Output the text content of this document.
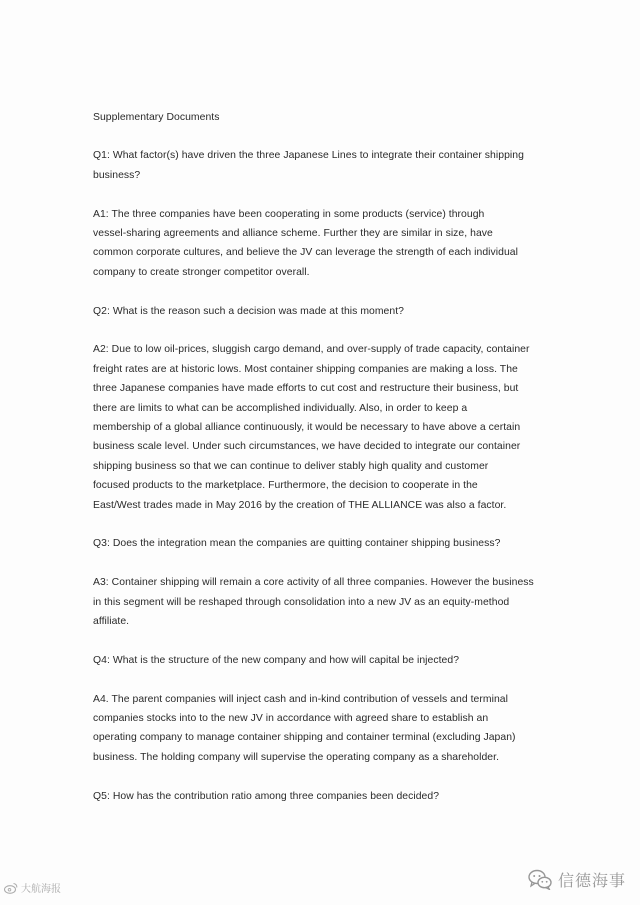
Supplementary Documents
Q1: What factor(s) have driven the three Japanese Lines to integrate their container shipping
business?
A1: The three companies have been cooperating in some products (service) through
vessel-sharing agreements and alliance scheme. Further they are similar in size, have
common corporate cultures, and believe the JV can leverage the strength of each individual
company to create stronger competitor overall.
Q2: What is the reason such a decision was made at this moment?
A2: Due to low oil-prices, sluggish cargo demand, and over-supply of trade capacity, container
freight rates are at historic lows. Most container shipping companies are making a loss. The
three Japanese companies have made efforts to cut cost and restructure their business, but
there are limits to what can be accomplished individually. Also, in order to keep a
membership of a global alliance continuously, it would be necessary to have above a certain
business scale level. Under such circumstances, we have decided to integrate our container
shipping business so that we can continue to deliver stably high quality and customer
focused products to the marketplace. Furthermore, the decision to cooperate in the
East/West trades made in May 2016 by the creation of THE ALLIANCE was also a factor.
Q3: Does the integration mean the companies are quitting container shipping business?
A3: Container shipping will remain a core activity of all three companies. However the business
in this segment will be reshaped through consolidation into a new JV as an equity-method
affiliate.
Q4: What is the structure of the new company and how will capital be injected?
A4. The parent companies will inject cash and in-kind contribution of vessels and terminal
companies stocks into to the new JV in accordance with agreed share to establish an
operating company to manage container shipping and container terminal (excluding Japan)
business. The holding company will supervise the operating company as a shareholder.
Q5: How has the contribution ratio among three companies been decided?
大航海报	信德海事
